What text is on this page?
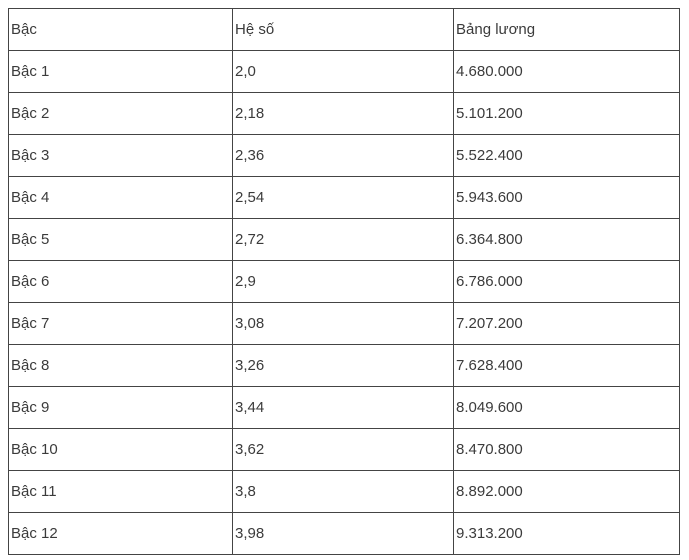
Bậc	Hệ số	Bảng lương
Bậc 1	2,0	4.680.000
Bậc 2	2,18	5.101.200
Bậc 3	2,36	5.522.400
Bậc 4	2,54	5.943.600
Bậc 5	2,72	6.364.800
Bậc 6	2,9	6.786.000
Bậc 7	3,08	7.207.200
Bậc 8	3,26	7.628.400
Bậc 9	3,44	8.049.600
Bậc 10	3,62	8.470.800
Bậc 11	3,8	8.892.000
Bậc 12	3,98	9.313.200
